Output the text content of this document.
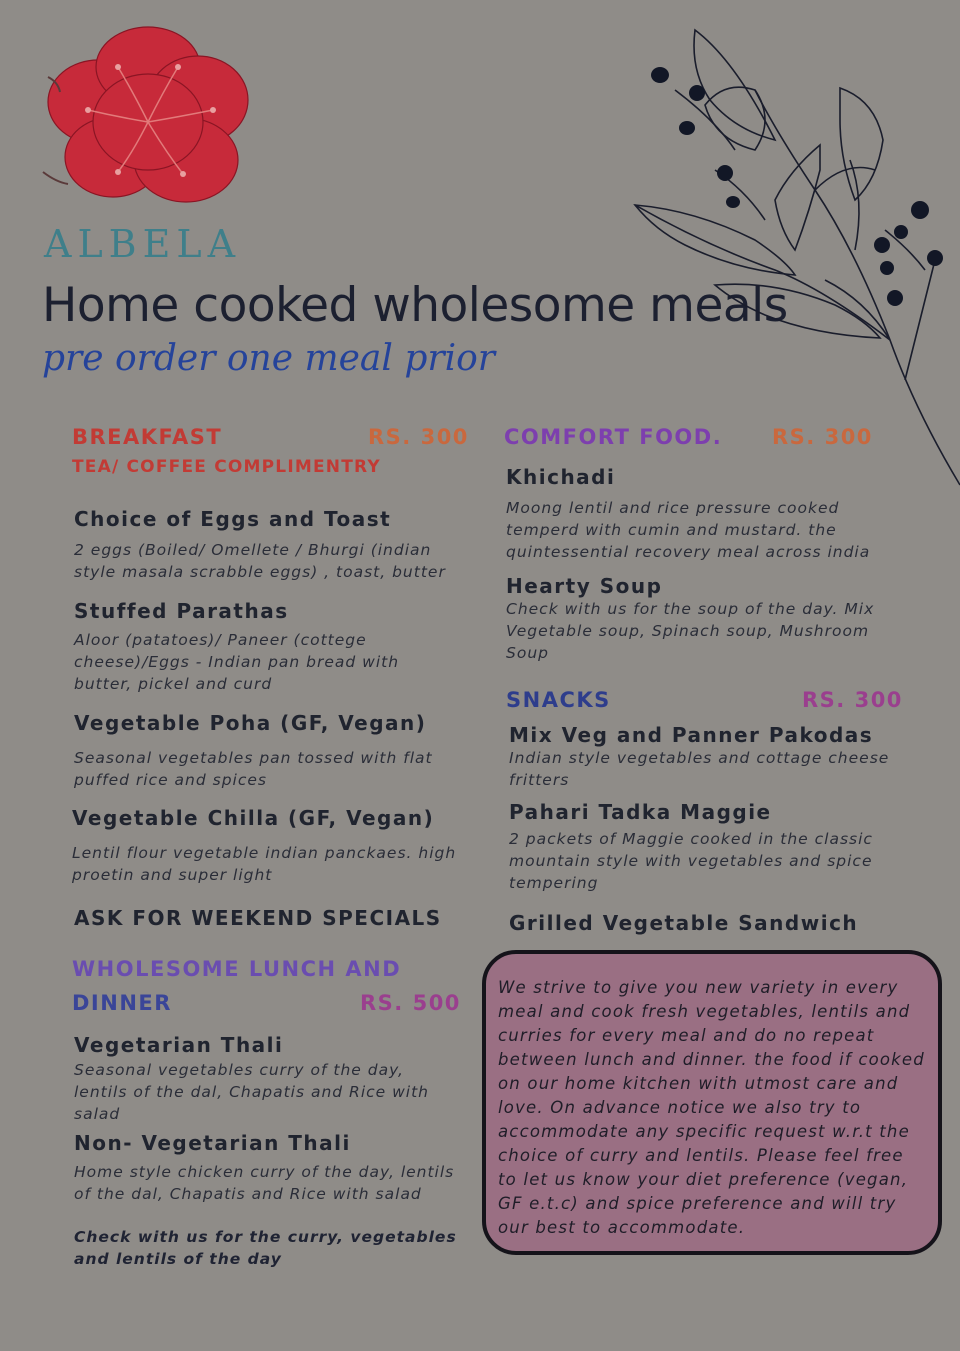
ALBELA
Home cooked wholesome meals
pre order one meal prior
BREAKFAST	RS. 300
TEA/ COFFEE COMPLIMENTRY
Choice of Eggs and Toast
2 eggs (Boiled/ Omellete / Bhurgi (indian
style masala scrabble eggs) , toast, butter
Stuffed Parathas
Aloor (patatoes)/ Paneer (cottege
cheese)/Eggs - Indian pan bread with
butter, pickel and curd
Vegetable Poha (GF, Vegan)
Seasonal vegetables pan tossed with flat
puffed rice and spices
Vegetable Chilla (GF, Vegan)
Lentil flour vegetable indian panckaes. high
proetin and super light
ASK FOR WEEKEND SPECIALS
WHOLESOME LUNCH AND
DINNER	RS. 500
Vegetarian Thali
Seasonal vegetables curry of the day,
lentils of the dal, Chapatis and Rice with
salad
Non- Vegetarian Thali
Home style chicken curry of the day, lentils
of the dal, Chapatis and Rice with salad
Check with us for the curry, vegetables
and lentils of the day
COMFORT FOOD. RS. 300
Khichadi
Moong lentil and rice pressure cooked
temperd with cumin and mustard. the
quintessential recovery meal across india
Hearty Soup
Check with us for the soup of the day. Mix
Vegetable soup, Spinach soup, Mushroom
Soup
SNACKS	RS. 300
Mix Veg and Panner Pakodas
Indian style vegetables and cottage cheese
fritters
Pahari Tadka Maggie
2 packets of Maggie cooked in the classic
mountain style with vegetables and spice
tempering
Grilled Vegetable Sandwich
We strive to give you new variety in every
meal and cook fresh vegetables, lentils and
curries for every meal and do no repeat
between lunch and dinner. the food if cooked
on our home kitchen with utmost care and
love. On advance notice we also try to
accommodate any specific request w.r.t the
choice of curry and lentils. Please feel free
to let us know your diet preference (vegan,
GF e.t.c) and spice preference and will try
our best to accommodate.
